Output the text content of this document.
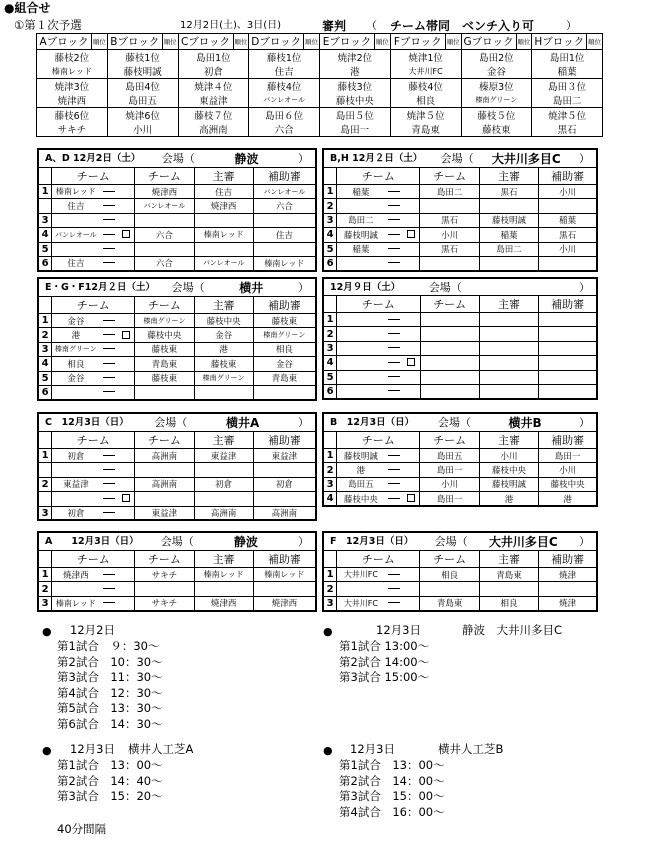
●組合せ
①第１次予選	12月2日(土)、3日(日)	審判 （ チーム帯同　ベンチ入り可	）
Aブロック	順位	Bブロック	順位	Cブロック	順位	Dブロック	順位	Eブロック	順位	Fブロック	順位	Gブロック	順位	Hブロック	順位
藤枝2位		藤枝1位		島田1位		藤枝1位		焼津2位		焼津1位		島田2位		島田1位	
榛南レッド		藤枝明誠		初倉		住吉		港		大井川FC		金谷		稲葉	
焼津3位		島田4位		焼津４位		藤枝4位		藤枝3位		藤枝4位		榛原3位		島田３位	
焼津西		島田五		東益津		バンレオール		藤枝中央		相良		榛南グリーン		島田二	
藤枝6位		焼津6位		藤枝７位		島田６位		島田５位		焼津５位		藤枝５位		焼津５位	
サキチ		小川		高洲南		六合		島田一		青島東		藤枝東		黒石	
A、D 12月2日（土） 会場（ 静波 ）						

	チーム			チーム	主審	補助審
1	榛南レッド			焼津西	住吉	バンレオール
	住吉			バンレオール	焼津西	六合
3						
4	バンレオール			六合	榛南レッド	住吉
5						
6	住吉			六合	バンレオール	榛南レッド
B,H 12月２日（土） 会場（ 大井川多目C ）						

	チーム			チーム	主審	補助審
1	稲葉			島田二	黒石	小川
2						
3	島田二			黒石	藤枝明誠	稲葉
4	藤枝明誠			小川	稲葉	黒石
5	稲葉			黒石	島田二	小川
6						
E・G・F12月２日（土） 会場（ 横井 ）						

	チーム			チーム	主審	補助審
1	金谷			榛南グリーン	藤枝中央	藤枝東
2	港			藤枝中央	金谷	榛南グリーン
3	榛南グリーン			藤枝東	港	相良
4	相良			青島東	藤枝東	金谷
5	金谷			藤枝東	榛南グリーン	青島東
6						
12月９日（土） 会場（ ）						

	チーム			チーム	主審	補助審
1						
2						
3						
4						
5						
6						
C　12月3日（日） 会場（ 横井A ）						

	チーム			チーム	主審	補助審
1	初倉			高洲南	東益津	東益津

2	東益津			高洲南	初倉	初倉

3	初倉			東益津	高洲南	高洲南
B　12月3日（日） 会場（ 横井B ）						

	チーム			チーム	主審	補助審
1	藤枝明誠			島田五	小川	島田一
2	港			島田一	藤枝中央	小川
3	島田五			小川	藤枝明誠	藤枝中央
4	藤枝中央			島田一	港	港
A　　12月3日（日） 会場（ 静波 ）						

	チーム			チーム	主審	補助審
1	焼津西			サキチ	榛南レッド	榛南レッド
2						
3	榛南レッド			サキチ	焼津西	焼津西
F　12月3日（日） 会場（ 大井川多目C ）						

	チーム			チーム	主審	補助審
1	大井川FC			相良	青島東	焼津
2						
3	大井川FC			青島東	相良	焼津
● 12月2日
第1試合　９：30～
第2試合　10：30～
第3試合　11：30～
第4試合　12：30～
第5試合　13：30～
第6試合　14：30～
●	12月3日	静波　大井川多目C
第1試合 13:00～
第2試合 14:00～
第3試合 15:00～
● 12月3日 横井人工芝A
第1試合　13：00～
第2試合　14：40～
第3試合　15：20～
● 12月3日	横井人工芝B
第1試合　13：00～
第2試合　14：00～
第3試合　15：00～
第4試合　16：00～
40分間隔
